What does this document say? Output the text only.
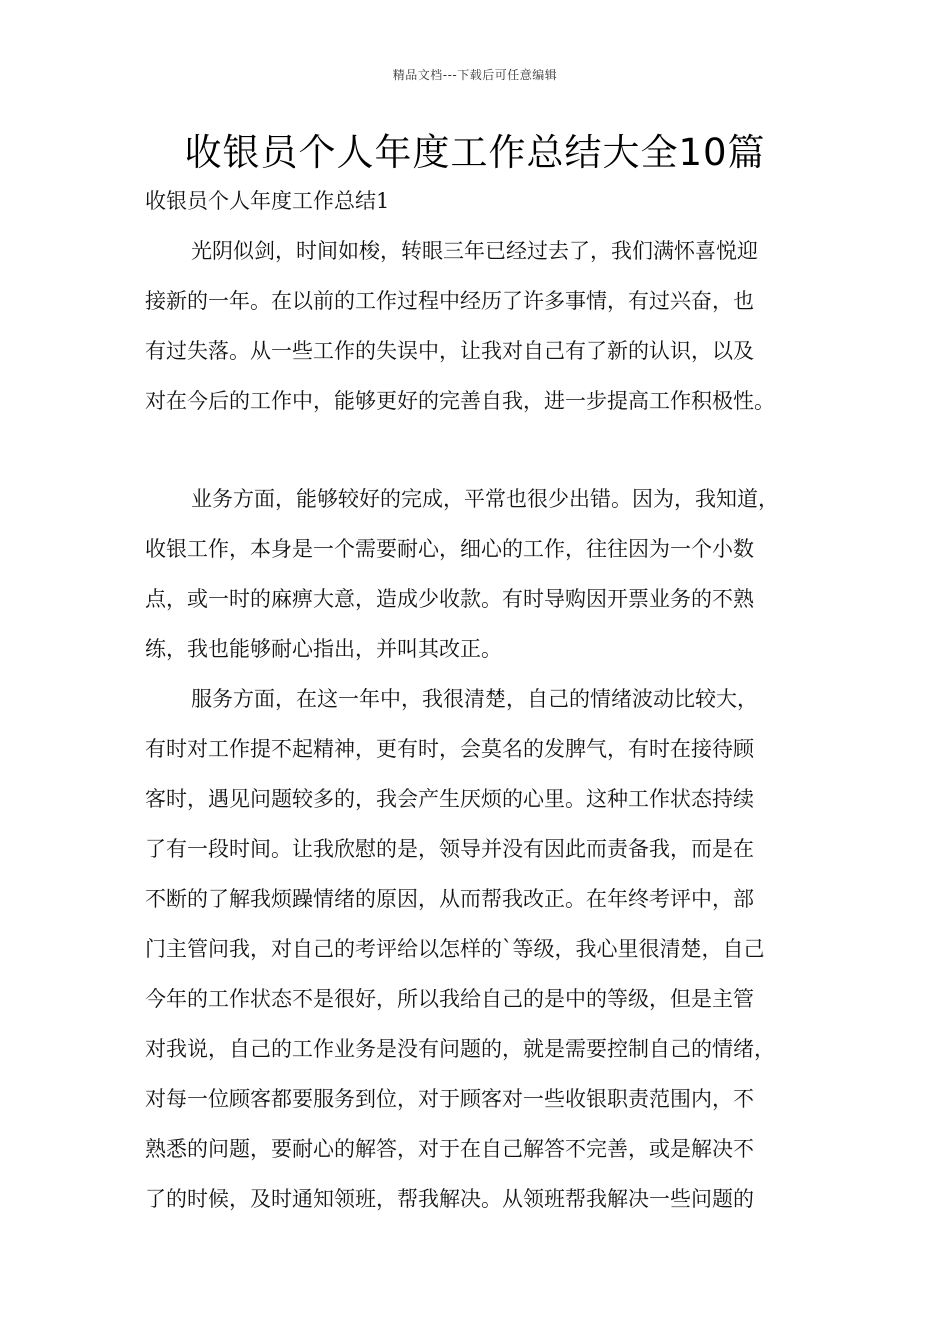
精品文档---下载后可任意编辑
收银员个人年度工作总结大全10篇
收银员个人年度工作总结1
光阴似剑，时间如梭，转眼三年已经过去了，我们满怀喜悦迎
接新的一年。在以前的工作过程中经历了许多事情，有过兴奋，也
有过失落。从一些工作的失误中，让我对自己有了新的认识，以及
对在今后的工作中，能够更好的完善自我，进一步提高工作积极性。
业务方面，能够较好的完成，平常也很少出错。因为，我知道，
收银工作，本身是一个需要耐心，细心的工作，往往因为一个小数
点，或一时的麻痹大意，造成少收款。有时导购因开票业务的不熟
练，我也能够耐心指出，并叫其改正。
服务方面，在这一年中，我很清楚，自己的情绪波动比较大，
有时对工作提不起精神，更有时，会莫名的发脾气，有时在接待顾
客时，遇见问题较多的，我会产生厌烦的心里。这种工作状态持续
了有一段时间。让我欣慰的是，领导并没有因此而责备我，而是在
不断的了解我烦躁情绪的原因，从而帮我改正。在年终考评中，部
门主管问我，对自己的考评给以怎样的`等级，我心里很清楚，自己
今年的工作状态不是很好，所以我给自己的是中的等级，但是主管
对我说，自己的工作业务是没有问题的，就是需要控制自己的情绪，
对每一位顾客都要服务到位，对于顾客对一些收银职责范围内，不
熟悉的问题，要耐心的解答，对于在自己解答不完善，或是解决不
了的时候，及时通知领班，帮我解决。从领班帮我解决一些问题的
